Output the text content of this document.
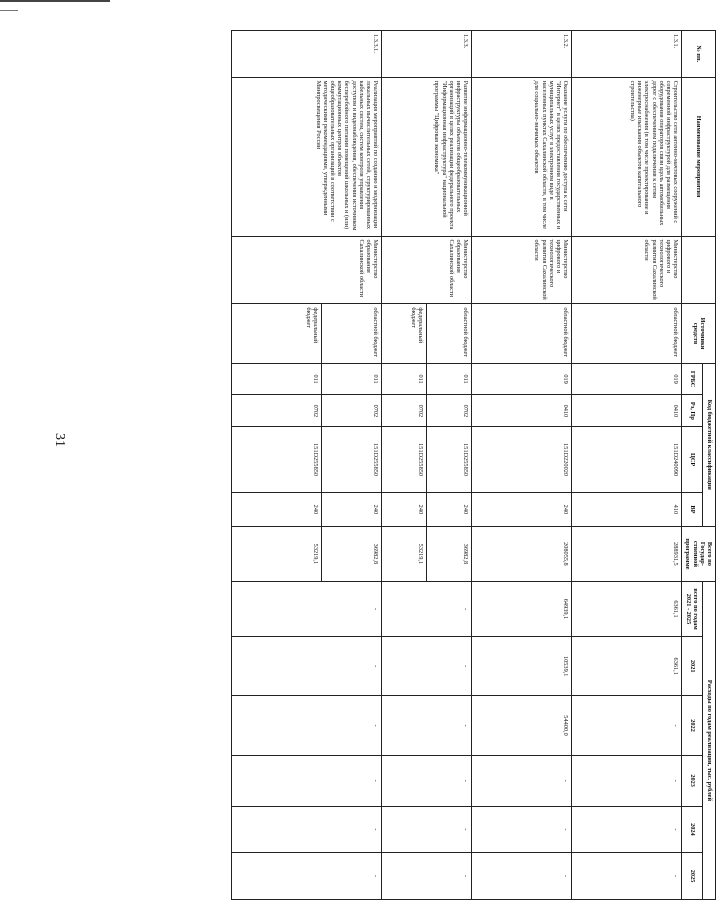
31
№ пп.	Наименование мероприятия		Источники средств	Код бюджетной классификации				Всего по Государ-ственной программе	Расходы по годам реализации, тыс. рублей					
				ГРБС	Рз, Пр	ЦСР	ВР		всего по годам 2021 - 2025	2021	2022	2023	2024	2025
1.3.1.	Строительство сети антенно-мачтовых сооружений с современной инфраструктурой для размещения оборудования операторов связи вдоль автомобильных дорог с обеспечением подключения к сетям электроснабжения (в том числе проектирование и инженерные изыскания объектов капитального строительства)	Министерство цифрового и технологического развития Сахалинской области	областной бюджет	019	0410	151D240090	410	288931,5	6361,1	6361,1	-	-	-	-
1.3.2.	Оказание услуги по обеспечению доступа к сети "Интернет" в целях предоставления государственных и муниципальных услуг в электронном виде в населенных пунктах Сахалинской области, в том числе для социально-значимых объектов	Министерство цифрового и технологического развития Сахалинской области	областной бюджет	019	0410	151D220020	240	208055,8	64939,1	10539,1	54400,0	-	-	-
1.3.3.	Развитие информационно-телекоммуникационной инфраструктуры объектов общеобразовательных организаций в целях реализации федерального проекта "Информационная инфраструктура" национальной программы "Цифровая экономика"	Министерство образования Сахалинской области	областной бюджет	011	0702	151D255850	240	36982,8	-	-	-	-	-	-
			федеральный бюджет	011	0702	151D255850	240	53219,1						
1.3.3.1.	Реализация мероприятий по созданию и модернизации локальных вычислительных сетей, структурированных кабельных систем, систем контроля управления доступом и видеонаблюдения, обеспечения источником бесперебойного питания помещений школьных и (или) коммутационных центров объектов общеобразовательных организаций в соответствии с методическими рекомендациями, утвержденными Минпросвещения России	Министерство образования Сахалинской области	областной бюджет	011	0702	151D255850	240	36982,8	-	-	-	-	-	-
			федеральный бюджет	011	0702	151D255850	240	53219,1						
